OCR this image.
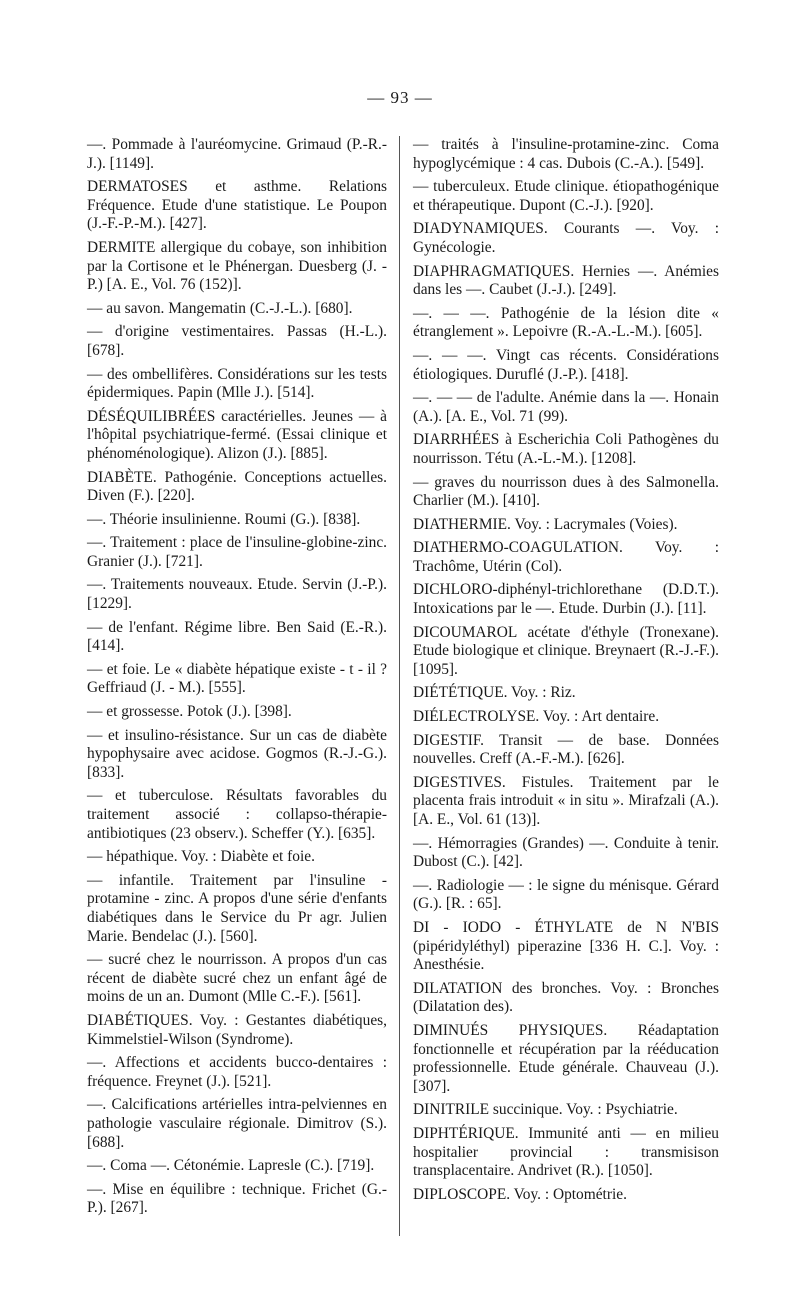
— 93 —

—. Pommade à l'auréomycine. Grimaud (P.-R.-J.). [1149].

DERMATOSES et asthme. Relations Fréquence. Etude d'une statistique. Le Poupon (J.-F.-P.-M.). [427].

DERMITE allergique du cobaye, son inhibition par la Cortisone et le Phénergan. Duesberg (J. - P.) [A. E., Vol. 76 (152)].

— au savon. Mangematin (C.-J.-L.). [680].

— d'origine vestimentaires. Passas (H.-L.). [678].

— des ombellifères. Considérations sur les tests épidermiques. Papin (Mlle J.). [514].

DÉSÉQUILIBRÉES caractérielles. Jeunes — à l'hôpital psychiatrique-fermé. (Essai clinique et phénoménologique). Alizon (J.). [885].

DIABÈTE. Pathogénie. Conceptions actuelles. Diven (F.). [220].

—. Théorie insulinienne. Roumi (G.). [838].

—. Traitement : place de l'insuline-globine-zinc. Granier (J.). [721].

—. Traitements nouveaux. Etude. Servin (J.-P.). [1229].

— de l'enfant. Régime libre. Ben Said (E.-R.). [414].

— et foie. Le « diabète hépatique existe - t - il ? Geffriaud (J. - M.). [555].

— et grossesse. Potok (J.). [398].

— et insulino-résistance. Sur un cas de diabète hypophysaire avec acidose. Gogmos (R.-J.-G.). [833].

— et tuberculose. Résultats favorables du traitement associé : collapso-thérapie-antibiotiques (23 observ.). Scheffer (Y.). [635].

— hépathique. Voy. : Diabète et foie.

— infantile. Traitement par l'insuline - protamine - zinc. A propos d'une série d'enfants diabétiques dans le Service du Pr agr. Julien Marie. Bendelac (J.). [560].

— sucré chez le nourrisson. A propos d'un cas récent de diabète sucré chez un enfant âgé de moins de un an. Dumont (Mlle C.-F.). [561].

DIABÉTIQUES. Voy. : Gestantes diabétiques, Kimmelstiel-Wilson (Syndrome).

—. Affections et accidents bucco-dentaires : fréquence. Freynet (J.). [521].

—. Calcifications artérielles intra-pelviennes en pathologie vasculaire régionale. Dimitrov (S.). [688].

—. Coma —. Cétonémie. Lapresle (C.). [719].

—. Mise en équilibre : technique. Frichet (G.-P.). [267].

— traités à l'insuline-protamine-zinc. Coma hypoglycémique : 4 cas. Dubois (C.-A.). [549].

— tuberculeux. Etude clinique. étiopathogénique et thérapeutique. Dupont (C.-J.). [920].

DIADYNAMIQUES. Courants —. Voy. : Gynécologie.

DIAPHRAGMATIQUES. Hernies —. Anémies dans les —. Caubet (J.-J.). [249].

—. — —. Pathogénie de la lésion dite « étranglement ». Lepoivre (R.-A.-L.-M.). [605].

—. — —. Vingt cas récents. Considérations étiologiques. Duruflé (J.-P.). [418].

—. — — de l'adulte. Anémie dans la —. Honain (A.). [A. E., Vol. 71 (99).

DIARRHÉES à Escherichia Coli Pathogènes du nourrisson. Tétu (A.-L.-M.). [1208].

— graves du nourrisson dues à des Salmonella. Charlier (M.). [410].

DIATHERMIE. Voy. : Lacrymales (Voies).

DIATHERMO-COAGULATION. Voy. : Trachôme, Utérin (Col).

DICHLORO-diphényl-trichlorethane (D.D.T.). Intoxications par le —. Etude. Durbin (J.). [11].

DICOUMAROL acétate d'éthyle (Tronexane). Etude biologique et clinique. Breynaert (R.-J.-F.). [1095].

DIÉTÉTIQUE. Voy. : Riz.

DIÉLECTROLYSE. Voy. : Art dentaire.

DIGESTIF. Transit — de base. Données nouvelles. Creff (A.-F.-M.). [626].

DIGESTIVES. Fistules. Traitement par le placenta frais introduit « in situ ». Mirafzali (A.). [A. E., Vol. 61 (13)].

—. Hémorragies (Grandes) —. Conduite à tenir. Dubost (C.). [42].

—. Radiologie — : le signe du ménisque. Gérard (G.). [R. : 65].

DI - IODO - ÉTHYLATE de N N'BIS (pipéridyléthyl) piperazine [336 H. C.]. Voy. : Anesthésie.

DILATATION des bronches. Voy. : Bronches (Dilatation des).

DIMINUÉS PHYSIQUES. Réadaptation fonctionnelle et récupération par la rééducation professionnelle. Etude générale. Chauveau (J.). [307].

DINITRILE succinique. Voy. : Psychiatrie.

DIPHTÉRIQUE. Immunité anti — en milieu hospitalier provincial : transmisison transplacentaire. Andrivet (R.). [1050].

DIPLOSCOPE. Voy. : Optométrie.
